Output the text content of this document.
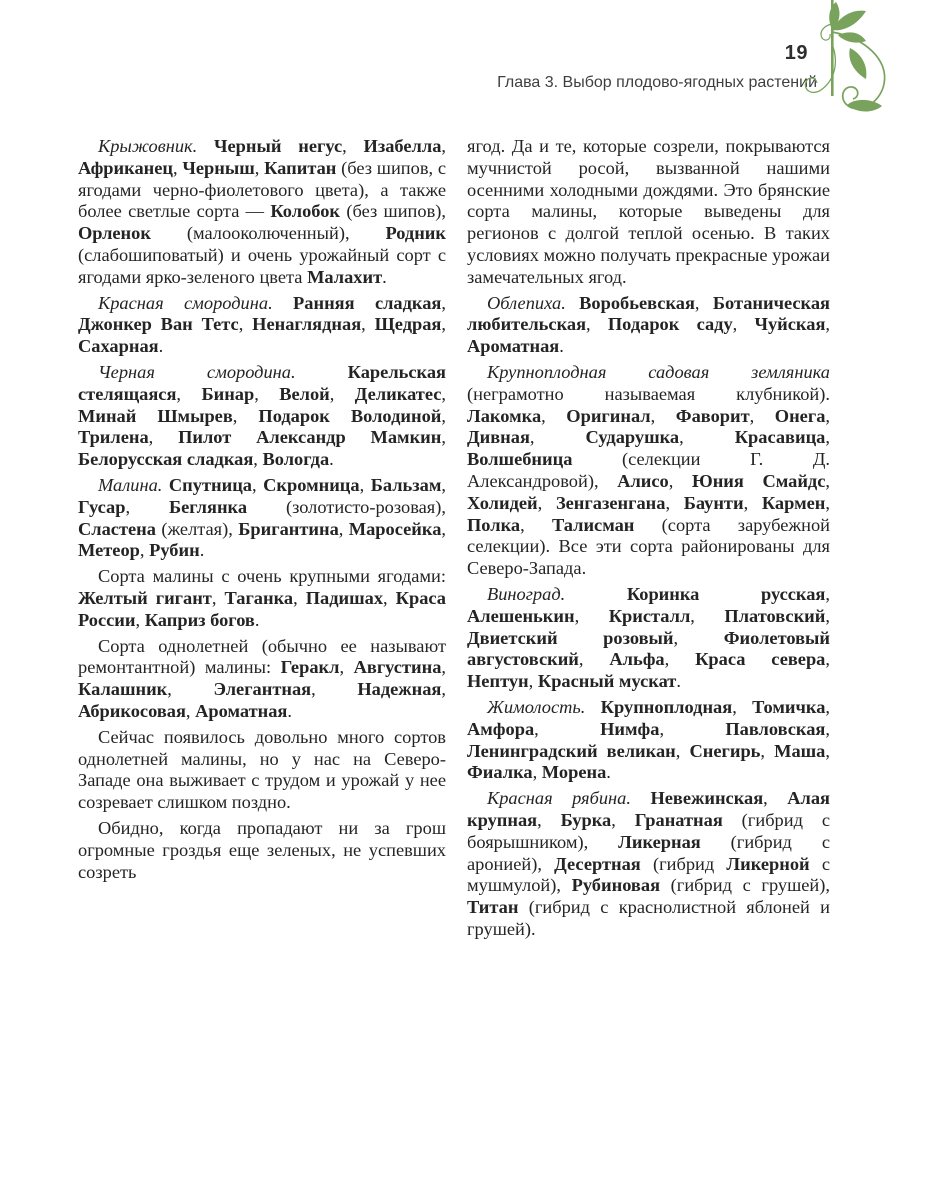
19
Глава 3. Выбор плодово-ягодных растений

Крыжовник. Черный негус, Изабелла, Африканец, Черныш, Капитан (без шипов, с ягодами черно-фиолетового цвета), а также более светлые сорта — Колобок (без шипов), Орленок (малооколюченный), Родник (слабошиповатый) и очень урожайный сорт с ягодами ярко-зеленого цвета Малахит.

Красная смородина. Ранняя сладкая, Джонкер Ван Тетс, Ненаглядная, Щедрая, Сахарная.

Черная смородина.	Карельская стелящаяся, Бинар, Велой, Деликатес, Минай Шмырев, Подарок Володиной, Трилена, Пилот Александр Мамкин, Белорусская сладкая, Вологда.

Малина. Спутница, Скромница, Бальзам, Гусар, Беглянка (золотисто-розовая), Сластена (желтая), Бригантина, Маросейка, Метеор, Рубин.

Сорта малины с очень крупными ягодами: Желтый гигант, Таганка, Падишах, Краса России, Каприз богов.

Сорта однолетней (обычно ее называют ремонтантной) малины: Геракл, Августина, Калашник, Элегантная, Надежная, Абрикосовая, Ароматная.

Сейчас появилось довольно много сортов однолетней малины, но у нас на Северо-Западе она выживает с трудом и урожай у нее созревает слишком поздно.

Обидно, когда пропадают ни за грош огромные гроздья еще зеленых, не успевших созреть

ягод. Да и те, которые созрели, покрываются мучнистой росой, вызванной нашими осенними холодными дождями. Это брянские сорта малины, которые выведены для регионов с долгой теплой осенью. В таких условиях можно получать прекрасные урожаи замечательных ягод.

Облепиха. Воробьевская, Ботаническая любительская, Подарок саду, Чуйская, Ароматная.

Крупноплодная садовая земляника (неграмотно называемая клубникой). Лакомка, Оригинал, Фаворит, Онега, Дивная, Сударушка, Красавица, Волшебница (селекции Г. Д. Александровой), Алисо, Юния Смайдс, Холидей, Зенгазенгана, Баунти, Кармен, Полка, Талисман (сорта зарубежной селекции). Все эти сорта районированы для Северо-Запада.

Виноград.	Коринка русская, Алешенькин, Кристалл, Платовский, Двиетский розовый, Фиолетовый августовский, Альфа, Краса севера, Нептун, Красный мускат.

Жимолость. Крупноплодная, Томичка, Амфора, Нимфа, Павловская, Ленинградский великан, Снегирь, Маша, Фиалка, Морена.

Красная рябина. Невежинская, Алая крупная, Бурка, Гранатная (гибрид с боярышником), Ликерная (гибрид с аронией), Десертная (гибрид Ликерной с мушмулой), Рубиновая (гибрид с грушей), Титан (гибрид с краснолистной яблоней и грушей).
